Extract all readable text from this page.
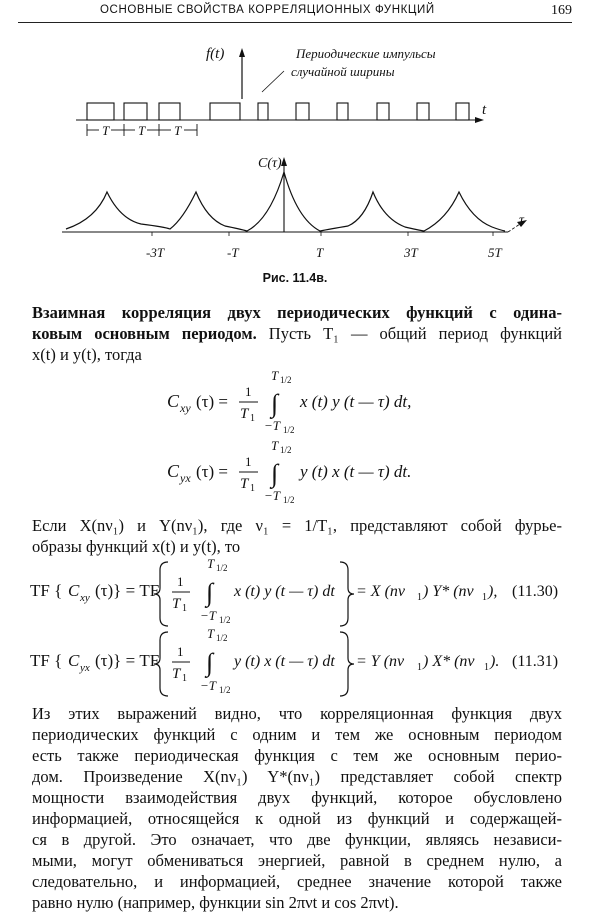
ОСНОВНЫЕ СВОЙСТВА КОРРЕЛЯЦИОННЫХ ФУНКЦИЙ	169
f(t)	Периодические импульсы
случайной ширины
t
T T T
C(τ)
τ
-3T	-T	T	3T	5T
Рис. 11.4в.
Взаимная корреляция двух периодических функций с одина-
ковым основным периодом. Пусть T₁ — общий период функций
x(t) и y(t), тогда
C xy (τ) =
1
T 1
T 1/2
∫
−T 1/2
x (t) y (t — τ) dt,
C yx (τ) =
1
T 1
T 1/2
∫
−T 1/2
y (t) x (t — τ) dt.
Если X(nν₁) и Y(nν₁), где ν₁ = 1/T₁, представляют собой фурье-
образы функций x(t) и y(t), то
TF { C xy (τ)} = TF 1
T 1
T 1/2
∫
−T 1/2
x (t) y (t — τ) dt = X (nν 1 ) Y* (nν 1 ), (11.30)
TF { C yx (τ)} = TF 1
T 1
T 1/2
∫
−T 1/2
y (t) x (t — τ) dt = Y (nν 1 ) X* (nν 1 ). (11.31)
Из этих выражений видно, что корреляционная функция двух
периодических функций с одним и тем же основным периодом
есть также периодическая функция с тем же основным перио-
дом. Произведение X(nν₁) Y*(nν₁) представляет собой спектр
мощности взаимодействия двух функций, которое обусловлено
информацией, относящейся к одной из функций и содержащей-
ся в другой. Это означает, что две функции, являясь независи-
мыми, могут обмениваться энергией, равной в среднем нулю, а
следовательно, и информацией, среднее значение которой также
равно нулю (например, функции sin 2πνt и cos 2πνt).
